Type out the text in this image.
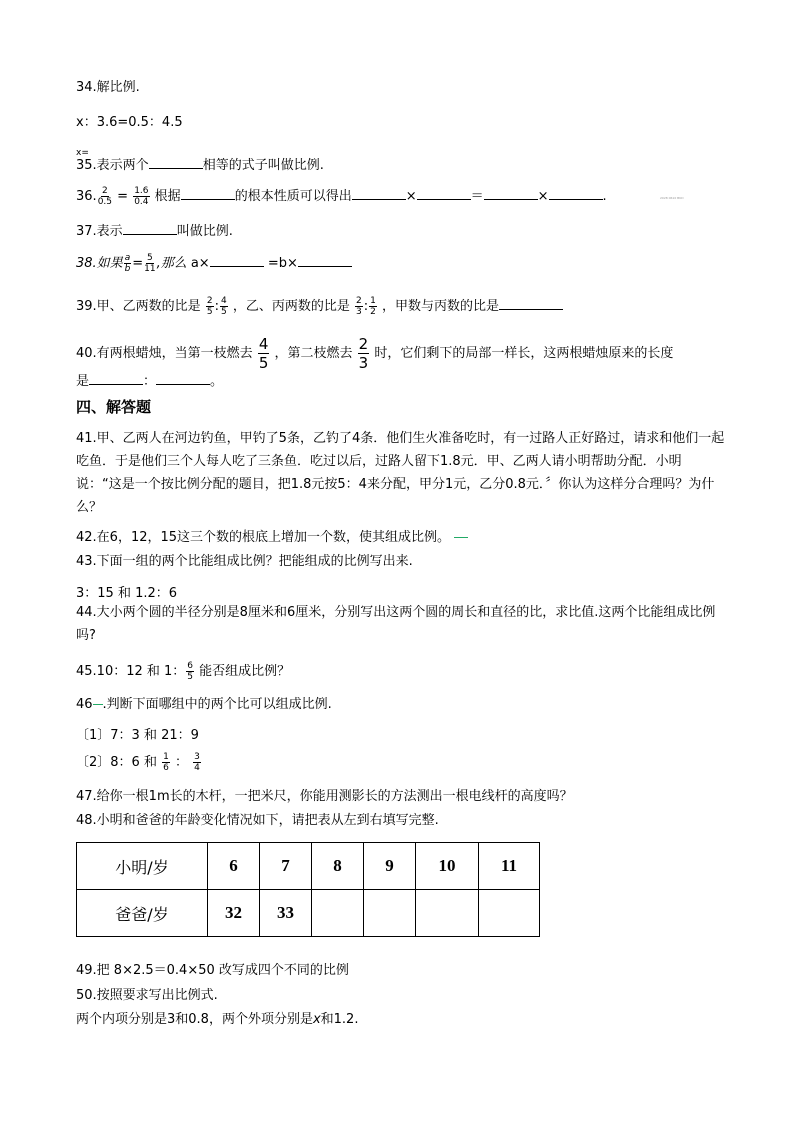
34.解比例.
x：3.6=0.5：4.5
x=
35.表示两个	相等的式子叫做比例.
36. $\frac{2}{0.5} = \frac{1.6}{0.4}$ 根据	的根本性质可以得出	×	＝	×	.	2028 0610 BKD
37.表示	叫做比例.
38.如果 $\frac{a}{b} = \frac{5}{11}$ ,那么 a×	=b×
39.甲、乙两数的比是 $\frac{2}{5}$ : $\frac{4}{5}$ ，乙、丙两数的比是 $\frac{2}{3}$ : $\frac{1}{2}$ ，甲数与丙数的比是
40.有两根蜡烛，当第一枝燃去 $\frac{4}{5}$ ，第二枝燃去 $\frac{2}{3}$ 时，它们剩下的局部一样长，这两根蜡烛原来的长度
是	：	。
四、解答题
41.甲、乙两人在河边钓鱼，甲钓了5条，乙钓了4条．他们生火准备吃时，有一过路人正好路过，请求和他们一起吃鱼．于是他们三个人每人吃了三条鱼．吃过以后，过路人留下1.8元．甲、乙两人请小明帮助分配．小明说：“这是一个按比例分配的题目，把1.8元按5：4来分配，甲分1元，乙分0.8元．〞你认为这样分合理吗？为什么？
42.在6，12，15这三个数的根底上增加一个数，使其组成比例。
43.下面一组的两个比能组成比例？把能组成的比例写出来.
3：15 和 1.2：6
44.大小两个圆的半径分别是8厘米和6厘米，分别写出这两个圆的周长和直径的比，求比值.这两个比能组成比例吗?
45.10：12 和 1： $\frac{6}{5}$ 能否组成比例？
46 .判断下面哪组中的两个比可以组成比例.
〔1〕7：3 和 21：9
〔2〕8：6 和 $\frac{1}{6}$ ： $\frac{3}{4}$
47.给你一根1m长的木杆，一把米尺，你能用测影长的方法测出一根电线杆的高度吗？
48.小明和爸爸的年龄变化情况如下，请把表从左到右填写完整.
小明/岁	6	7	8	9	10	11
爸爸/岁	32	33				
49.把 8×2.5＝0.4×50 改写成四个不同的比例
50.按照要求写出比例式.
两个内项分别是3和0.8，两个外项分别是x和1.2.
